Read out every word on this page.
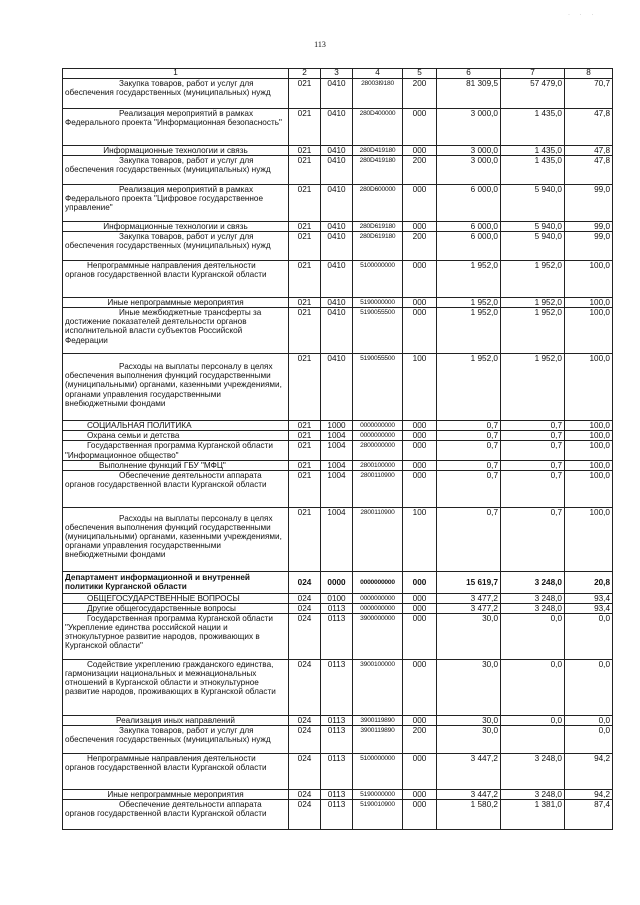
· · ·
113
1	2	3	4	5	6	7	8
Закупка товаров, работ и услуг для обеспечения государственных (муниципальных) нужд	021	0410	28003I9180	200	81 309,5	57 479,0	70,7
Реализация мероприятий в рамках Федерального проекта "Информационная безопасность"	021	0410	280D400000	000	3 000,0	1 435,0	47,8
Информационные технологии и связь	021	0410	280D419180	000	3 000,0	1 435,0	47,8
Закупка товаров, работ и услуг для обеспечения государственных (муниципальных) нужд	021	0410	280D419180	200	3 000,0	1 435,0	47,8
Реализация мероприятий в рамках Федерального проекта "Цифровое государственное управление"	021	0410	280D600000	000	6 000,0	5 940,0	99,0
Информационные технологии и связь	021	0410	280D619180	000	6 000,0	5 940,0	99,0
Закупка товаров, работ и услуг для обеспечения государственных (муниципальных) нужд	021	0410	280D619180	200	6 000,0	5 940,0	99,0
Непрограммные направления деятельности органов государственной власти Курганской области	021	0410	5100000000	000	1 952,0	1 952,0	100,0
Иные непрограммные мероприятия	021	0410	5190000000	000	1 952,0	1 952,0	100,0
Иные межбюджетные трансферты за достижение показателей деятельности органов исполнительной власти субъектов Российской Федерации	021	0410	5190055500	000	1 952,0	1 952,0	100,0
Расходы на выплаты персоналу в целях обеспечения выполнения функций государственными (муниципальными) органами, казенными учреждениями, органами управления государственными внебюджетными фондами	021	0410	5190055500	100	1 952,0	1 952,0	100,0
СОЦИАЛЬНАЯ ПОЛИТИКА	021	1000	0000000000	000	0,7	0,7	100,0
Охрана семьи и детства	021	1004	0000000000	000	0,7	0,7	100,0
Государственная программа Курганской области "Информационное общество"	021	1004	2800000000	000	0,7	0,7	100,0
Выполнение функций ГБУ "МФЦ"	021	1004	2800100000	000	0,7	0,7	100,0
Обеспечение деятельности аппарата органов государственной власти Курганской области	021	1004	2800110900	000	0,7	0,7	100,0
Расходы на выплаты персоналу в целях обеспечения выполнения функций государственными (муниципальными) органами, казенными учреждениями, органами управления государственными внебюджетными фондами	021	1004	2800110900	100	0,7	0,7	100,0
Департамент информационной и внутренней политики Курганской области	024	0000	0000000000	000	15 619,7	3 248,0	20,8
ОБЩЕГОСУДАРСТВЕННЫЕ ВОПРОСЫ	024	0100	0000000000	000	3 477,2	3 248,0	93,4
Другие общегосударственные вопросы	024	0113	0000000000	000	3 477,2	3 248,0	93,4
Государственная программа Курганской области "Укрепление единства российской нации и этнокультурное развитие народов, проживающих в Курганской области"	024	0113	3900000000	000	30,0	0,0	0,0
Содействие укреплению гражданского единства, гармонизации национальных и межнациональных отношений в Курганской области и этнокультурное развитие народов, проживающих в Курганской области	024	0113	3900100000	000	30,0	0,0	0,0
Реализация иных направлений	024	0113	3900119890	000	30,0	0,0	0,0
Закупка товаров, работ и услуг для обеспечения государственных (муниципальных) нужд	024	0113	3900119890	200	30,0		0,0
Непрограммные направления деятельности органов государственной власти Курганской области	024	0113	5100000000	000	3 447,2	3 248,0	94,2
Иные непрограммные мероприятия	024	0113	5190000000	000	3 447,2	3 248,0	94,2
Обеспечение деятельности аппарата органов государственной власти Курганской области	024	0113	5190010900	000	1 580,2	1 381,0	87,4
